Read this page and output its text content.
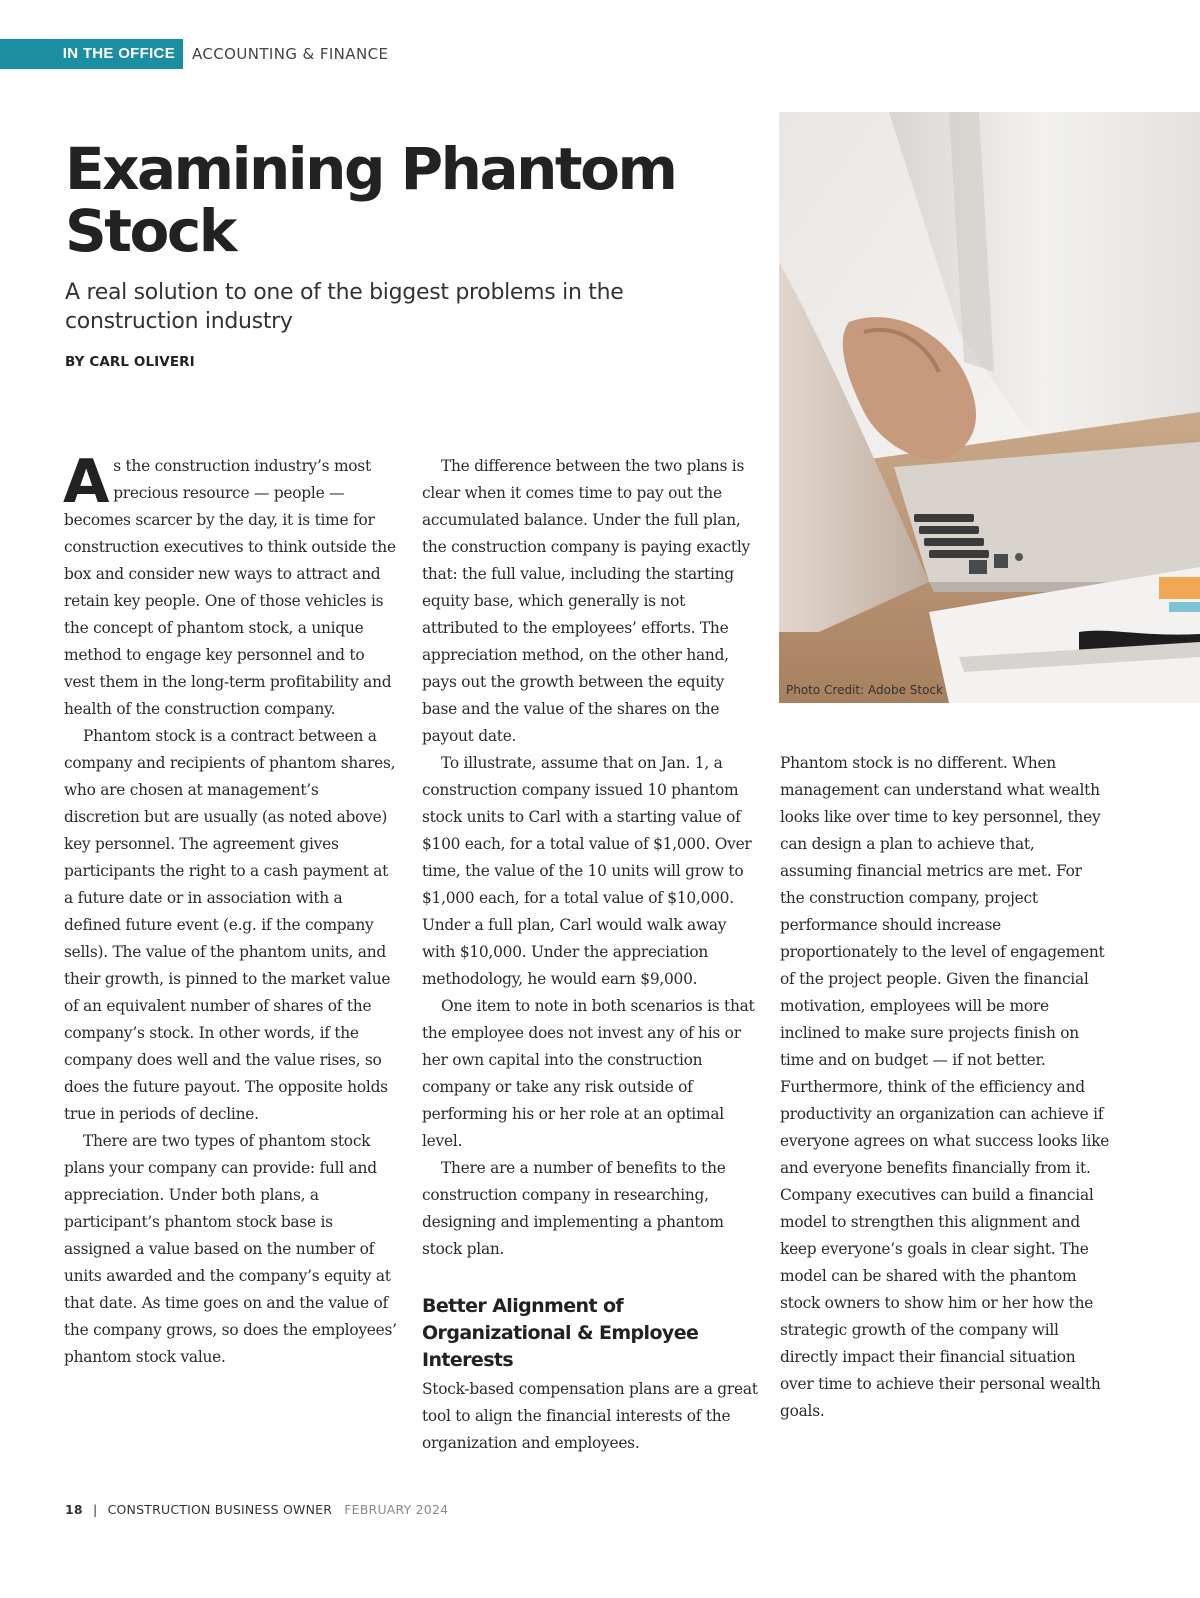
IN THE OFFICE	ACCOUNTING & FINANCE
Examining Phantom Stock

A real solution to one of the biggest problems in the construction industry

BY CARL OLIVERI
Photo Credit: Adobe Stock

As the construction industry’s most precious resource — people — becomes scarcer by the day, it is time for construction executives to think outside the box and consider new ways to attract and retain key people. One of those vehicles is the concept of phantom stock, a unique method to engage key personnel and to vest them in the long-term profitability and health of the construction company.

Phantom stock is a contract between a company and recipients of phantom shares, who are chosen at management’s discretion but are usually (as noted above) key personnel. The agreement gives participants the right to a cash payment at a future date or in association with a defined future event (e.g. if the company sells). The value of the phantom units, and their growth, is pinned to the market value of an equivalent number of shares of the company’s stock. In other words, if the company does well and the value rises, so does the future payout. The opposite holds true in periods of decline.

There are two types of phantom stock plans your company can provide: full and appreciation. Under both plans, a participant’s phantom stock base is assigned a value based on the number of units awarded and the company’s equity at that date. As time goes on and the value of the company grows, so does the employees’ phantom stock value.

The difference between the two plans is clear when it comes time to pay out the accumulated balance. Under the full plan, the construction company is paying exactly that: the full value, including the starting equity base, which generally is not attributed to the employees’ efforts. The appreciation method, on the other hand, pays out the growth between the equity base and the value of the shares on the payout date.

To illustrate, assume that on Jan. 1, a construction company issued 10 phantom stock units to Carl with a starting value of $100 each, for a total value of $1,000. Over time, the value of the 10 units will grow to $1,000 each, for a total value of $10,000. Under a full plan, Carl would walk away with $10,000. Under the appreciation methodology, he would earn $9,000.

One item to note in both scenarios is that the employee does not invest any of his or her own capital into the construction company or take any risk outside of performing his or her role at an optimal level.

There are a number of benefits to the construction company in researching, designing and implementing a phantom stock plan.

Better Alignment of Organizational & Employee Interests

Stock-based compensation plans are a great tool to align the financial interests of the organization and employees.

Phantom stock is no different. When management can understand what wealth looks like over time to key personnel, they can design a plan to achieve that, assuming financial metrics are met. For the construction company, project performance should increase proportionately to the level of engagement of the project people. Given the financial motivation, employees will be more inclined to make sure projects finish on time and on budget — if not better. Furthermore, think of the efficiency and productivity an organization can achieve if everyone agrees on what success looks like and everyone benefits financially from it. Company executives can build a financial model to strengthen this alignment and keep everyone’s goals in clear sight. The model can be shared with the phantom stock owners to show him or her how the strategic growth of the company will directly impact their financial situation over time to achieve their personal wealth goals.

18 | CONSTRUCTION BUSINESS OWNER FEBRUARY 2024
